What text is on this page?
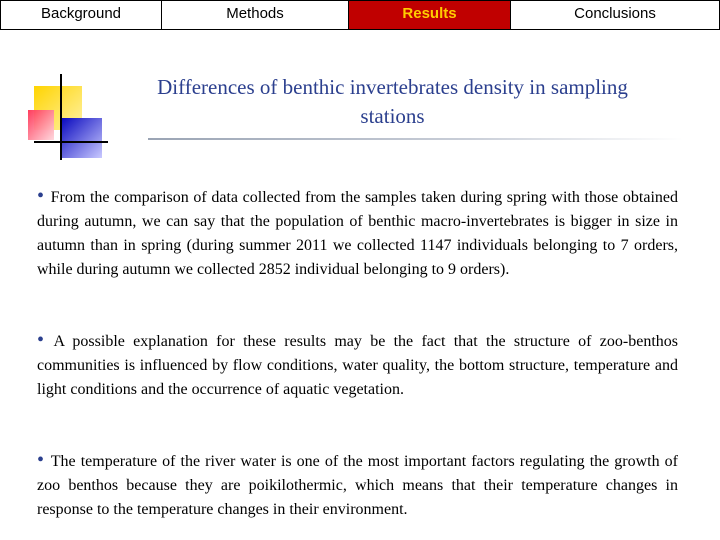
Background	Methods	Results	Conclusions
Differences of benthic invertebrates density in sampling stations

• From the comparison of data collected from the samples taken during spring with those obtained during autumn, we can say that the population of benthic macro-invertebrates is bigger in size in autumn than in spring (during summer 2011 we collected 1147 individuals belonging to 7 orders, while during autumn we collected 2852 individual belonging to 9 orders).

• A possible explanation for these results may be the fact that the structure of zoo-benthos communities is influenced by flow conditions, water quality, the bottom structure, temperature and light conditions and the occurrence of aquatic vegetation.

• The temperature of the river water is one of the most important factors regulating the growth of zoo benthos because they are poikilothermic, which means that their temperature changes in response to the temperature changes in their environment.
